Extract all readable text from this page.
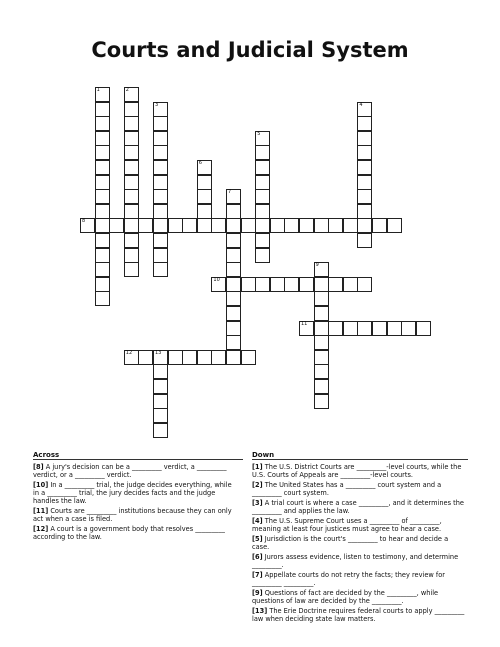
Courts and Judicial System
1	2
3	4
5
6
7
8
9
10
11
12	13
Across
[8] A jury's decision can be a _________ verdict, a _________ verdict, or a _________ verdict.
[10] In a _________ trial, the judge decides everything, while in a _________ trial, the jury decides facts and the judge handles the law.
[11] Courts are _________ institutions because they can only act when a case is filed.
[12] A court is a government body that resolves _________ according to the law.
Down
[1] The U.S. District Courts are _________-level courts, while the U.S. Courts of Appeals are _________-level courts.
[2] The United States has a _________ court system and a _________ court system.
[3] A trial court is where a case _________, and it determines the _________ and applies the law.
[4] The U.S. Supreme Court uses a _________ of _________, meaning at least four justices must agree to hear a case.
[5] Jurisdiction is the court's _________ to hear and decide a case.
[6] Jurors assess evidence, listen to testimony, and determine _________.
[7] Appellate courts do not retry the facts; they review for _________ _________.
[9] Questions of fact are decided by the _________, while questions of law are decided by the _________.
[13] The Erie Doctrine requires federal courts to apply _________ law when deciding state law matters.
